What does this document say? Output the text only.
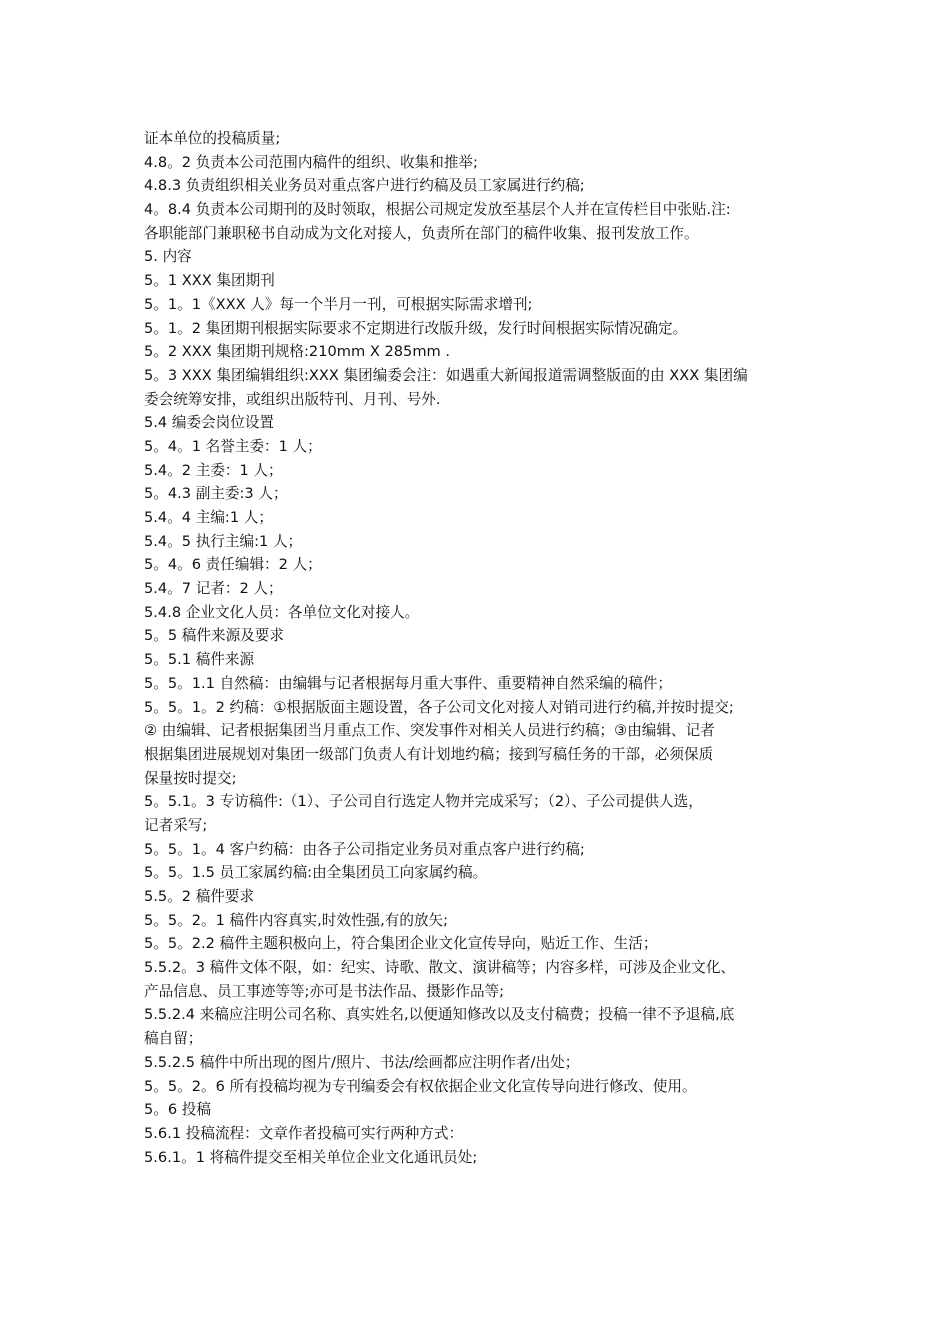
证本单位的投稿质量;
4.8。2 负责本公司范围内稿件的组织、收集和推举;
4.8.3 负责组织相关业务员对重点客户进行约稿及员工家属进行约稿;
4。8.4 负责本公司期刊的及时领取，根据公司规定发放至基层个人并在宣传栏目中张贴.注:
各职能部门兼职秘书自动成为文化对接人，负责所在部门的稿件收集、报刊发放工作。
5. 内容
5。1 XXX 集团期刊
5。1。1《XXX 人》每一个半月一刊，可根据实际需求增刊;
5。1。2 集团期刊根据实际要求不定期进行改版升级，发行时间根据实际情况确定。
5。2 XXX 集团期刊规格:210mm X 285mm .
5。3 XXX 集团编辑组织:XXX 集团编委会注：如遇重大新闻报道需调整版面的由 XXX 集团编
委会统筹安排，或组织出版特刊、月刊、号外.
5.4 编委会岗位设置
5。4。1 名誉主委：1 人；
5.4。2 主委：1 人；
5。4.3 副主委:3 人；
5.4。4 主编:1 人；
5.4。5 执行主编:1 人；
5。4。6 责任编辑：2 人；
5.4。7 记者：2 人；
5.4.8 企业文化人员：各单位文化对接人。
5。5 稿件来源及要求
5。5.1 稿件来源
5。5。1.1 自然稿：由编辑与记者根据每月重大事件、重要精神自然采编的稿件；
5。5。1。2 约稿：①根据版面主题设置，各子公司文化对接人对销司进行约稿,并按时提交;
② 由编辑、记者根据集团当月重点工作、突发事件对相关人员进行约稿；③由编辑、记者
根据集团进展规划对集团一级部门负责人有计划地约稿；接到写稿任务的干部，必须保质
保量按时提交;
5。5.1。3 专访稿件:（1）、子公司自行选定人物并完成采写；（2）、子公司提供人选，
记者采写;
5。5。1。4 客户约稿：由各子公司指定业务员对重点客户进行约稿;
5。5。1.5 员工家属约稿:由全集团员工向家属约稿。
5.5。2 稿件要求
5。5。2。1 稿件内容真实,时效性强,有的放矢;
5。5。2.2 稿件主题积极向上，符合集团企业文化宣传导向，贴近工作、生活；
5.5.2。3 稿件文体不限，如：纪实、诗歌、散文、演讲稿等；内容多样，可涉及企业文化、
产品信息、员工事迹等等;亦可是书法作品、摄影作品等;
5.5.2.4 来稿应注明公司名称、真实姓名,以便通知修改以及支付稿费；投稿一律不予退稿,底
稿自留；
5.5.2.5 稿件中所出现的图片/照片、书法/绘画都应注明作者/出处；
5。5。2。6 所有投稿均视为专刊编委会有权依据企业文化宣传导向进行修改、使用。
5。6 投稿
5.6.1 投稿流程：文章作者投稿可实行两种方式：
5.6.1。1 将稿件提交至相关单位企业文化通讯员处;
